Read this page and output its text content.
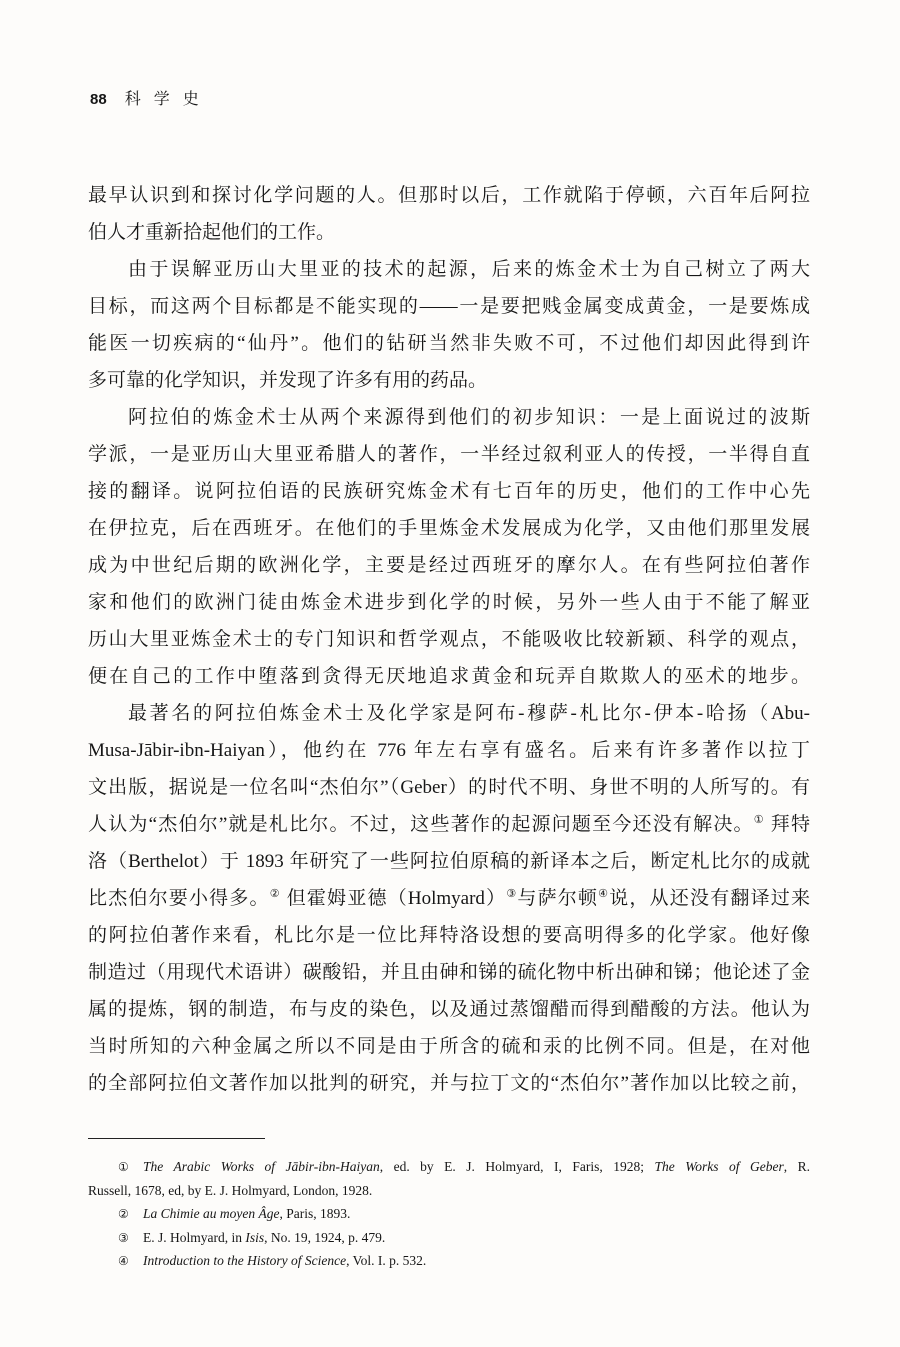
88 科 学 史
最早认识到和探讨化学问题的人。但那时以后，工作就陷于停顿，六百年后阿拉
伯人才重新拾起他们的工作。
由于误解亚历山大里亚的技术的起源，后来的炼金术士为自己树立了两大
目标，而这两个目标都是不能实现的——一是要把贱金属变成黄金，一是要炼成
能医一切疾病的“仙丹”。他们的钻研当然非失败不可，不过他们却因此得到许
多可靠的化学知识，并发现了许多有用的药品。
阿拉伯的炼金术士从两个来源得到他们的初步知识：一是上面说过的波斯
学派，一是亚历山大里亚希腊人的著作，一半经过叙利亚人的传授，一半得自直
接的翻译。说阿拉伯语的民族研究炼金术有七百年的历史，他们的工作中心先
在伊拉克，后在西班牙。在他们的手里炼金术发展成为化学，又由他们那里发展
成为中世纪后期的欧洲化学，主要是经过西班牙的摩尔人。在有些阿拉伯著作
家和他们的欧洲门徒由炼金术进步到化学的时候，另外一些人由于不能了解亚
历山大里亚炼金术士的专门知识和哲学观点，不能吸收比较新颖、科学的观点，
便在自己的工作中堕落到贪得无厌地追求黄金和玩弄自欺欺人的巫术的地步。
最著名的阿拉伯炼金术士及化学家是阿布-穆萨-札比尔-伊本-哈扬（Abu-
Musa-Jābir-ibn-Haiyan），他约在 776 年左右享有盛名。后来有许多著作以拉丁
文出版，据说是一位名叫“杰伯尔”（Geber）的时代不明、身世不明的人所写的。有
人认为“杰伯尔”就是札比尔。不过，这些著作的起源问题至今还没有解决。① 拜特
洛（Berthelot）于 1893 年研究了一些阿拉伯原稿的新译本之后，断定札比尔的成就
比杰伯尔要小得多。② 但霍姆亚德（Holmyard）③与萨尔顿④说，从还没有翻译过来
的阿拉伯著作来看，札比尔是一位比拜特洛设想的要高明得多的化学家。他好像
制造过（用现代术语讲）碳酸铅，并且由砷和锑的硫化物中析出砷和锑；他论述了金
属的提炼，钢的制造，布与皮的染色，以及通过蒸馏醋而得到醋酸的方法。他认为
当时所知的六种金属之所以不同是由于所含的硫和汞的比例不同。但是，在对他
的全部阿拉伯文著作加以批判的研究，并与拉丁文的“杰伯尔”著作加以比较之前，
① The Arabic Works of Jābir-ibn-Haiyan, ed. by E. J. Holmyard, I, Faris, 1928; The Works of Geber, R.
Russell, 1678, ed, by E. J. Holmyard, London, 1928.
② La Chimie au moyen Âge, Paris, 1893.
③ E. J. Holmyard, in Isis, No. 19, 1924, p. 479.
④ Introduction to the History of Science, Vol. I. p. 532.
